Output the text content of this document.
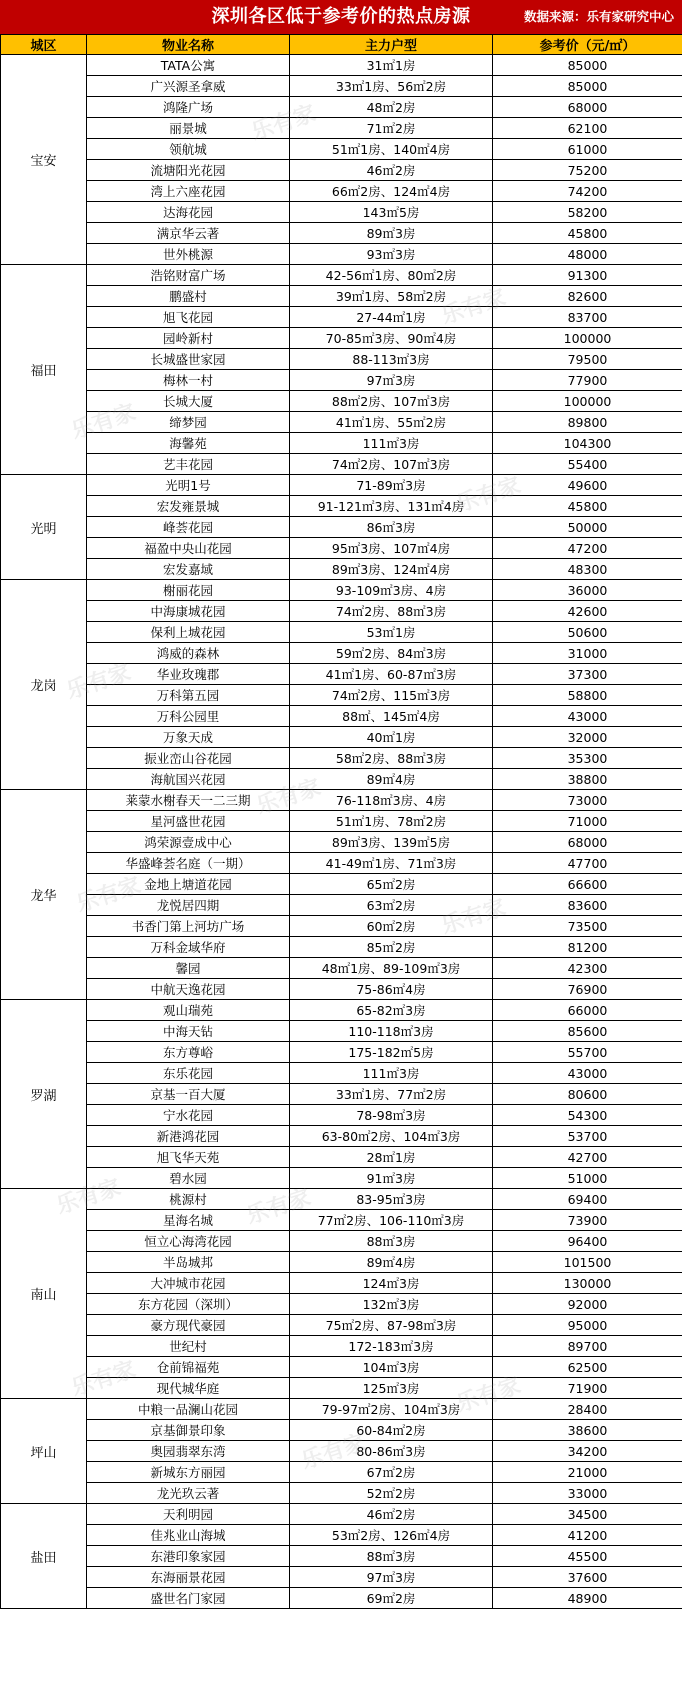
深圳各区低于参考价的热点房源	数据来源：乐有家研究中心
城区	物业名称	主力户型	参考价（元/㎡）
宝安	TATA公寓	31㎡1房	85000
	广兴源圣拿威	33㎡1房、56㎡2房	85000
	鸿隆广场	48㎡2房	68000
	丽景城	71㎡2房	62100
	领航城	51㎡1房、140㎡4房	61000
	流塘阳光花园	46㎡2房	75200
	湾上六座花园	66㎡2房、124㎡4房	74200
	达海花园	143㎡5房	58200
	满京华云著	89㎡3房	45800
	世外桃源	93㎡3房	48000
福田	浩铭财富广场	42-56㎡1房、80㎡2房	91300
	鹏盛村	39㎡1房、58㎡2房	82600
	旭飞花园	27-44㎡1房	83700
	园岭新村	70-85㎡3房、90㎡4房	100000
	长城盛世家园	88-113㎡3房	79500
	梅林一村	97㎡3房	77900
	长城大厦	88㎡2房、107㎡3房	100000
	缔梦园	41㎡1房、55㎡2房	89800
	海馨苑	111㎡3房	104300
	艺丰花园	74㎡2房、107㎡3房	55400
光明	光明1号	71-89㎡3房	49600
	宏发雍景城	91-121㎡3房、131㎡4房	45800
	峰荟花园	86㎡3房	50000
	福盈中央山花园	95㎡3房、107㎡4房	47200
	宏发嘉域	89㎡3房、124㎡4房	48300
龙岗	榭丽花园	93-109㎡3房、4房	36000
	中海康城花园	74㎡2房、88㎡3房	42600
	保利上城花园	53㎡1房	50600
	鸿威的森林	59㎡2房、84㎡3房	31000
	华业玫瑰郡	41㎡1房、60-87㎡3房	37300
	万科第五园	74㎡2房、115㎡3房	58800
	万科公园里	88㎡、145㎡4房	43000
	万象天成	40㎡1房	32000
	振业峦山谷花园	58㎡2房、88㎡3房	35300
	海航国兴花园	89㎡4房	38800
龙华	莱蒙水榭春天一二三期	76-118㎡3房、4房	73000
	星河盛世花园	51㎡1房、78㎡2房	71000
	鸿荣源壹成中心	89㎡3房、139㎡5房	68000
	华盛峰荟名庭（一期）	41-49㎡1房、71㎡3房	47700
	金地上塘道花园	65㎡2房	66600
	龙悦居四期	63㎡2房	83600
	书香门第上河坊广场	60㎡2房	73500
	万科金域华府	85㎡2房	81200
	馨园	48㎡1房、89-109㎡3房	42300
	中航天逸花园	75-86㎡4房	76900
罗湖	观山瑞苑	65-82㎡3房	66000
	中海天钻	110-118㎡3房	85600
	东方尊峪	175-182㎡5房	55700
	东乐花园	111㎡3房	43000
	京基一百大厦	33㎡1房、77㎡2房	80600
	宁水花园	78-98㎡3房	54300
	新港鸿花园	63-80㎡2房、104㎡3房	53700
	旭飞华天苑	28㎡1房	42700
	碧水园	91㎡3房	51000
南山	桃源村	83-95㎡3房	69400
	星海名城	77㎡2房、106-110㎡3房	73900
	恒立心海湾花园	88㎡3房	96400
	半岛城邦	89㎡4房	101500
	大冲城市花园	124㎡3房	130000
	东方花园（深圳）	132㎡3房	92000
	豪方现代豪园	75㎡2房、87-98㎡3房	95000
	世纪村	172-183㎡3房	89700
	仓前锦福苑	104㎡3房	62500
	现代城华庭	125㎡3房	71900
坪山	中粮一品澜山花园	79-97㎡2房、104㎡3房	28400
	京基御景印象	60-84㎡2房	38600
	奥园翡翠东湾	80-86㎡3房	34200
	新城东方丽园	67㎡2房	21000
	龙光玖云著	52㎡2房	33000
盐田	天利明园	46㎡2房	34500
	佳兆业山海城	53㎡2房、126㎡4房	41200
	东港印象家园	88㎡3房	45500
	东海丽景花园	97㎡3房	37600
	盛世名门家园	69㎡2房	48900
乐有家
乐有家
乐有家
乐有家
乐有家
乐有家
乐有家	乐有家
乐有家	乐有家
乐有家
乐有家
乐有家
